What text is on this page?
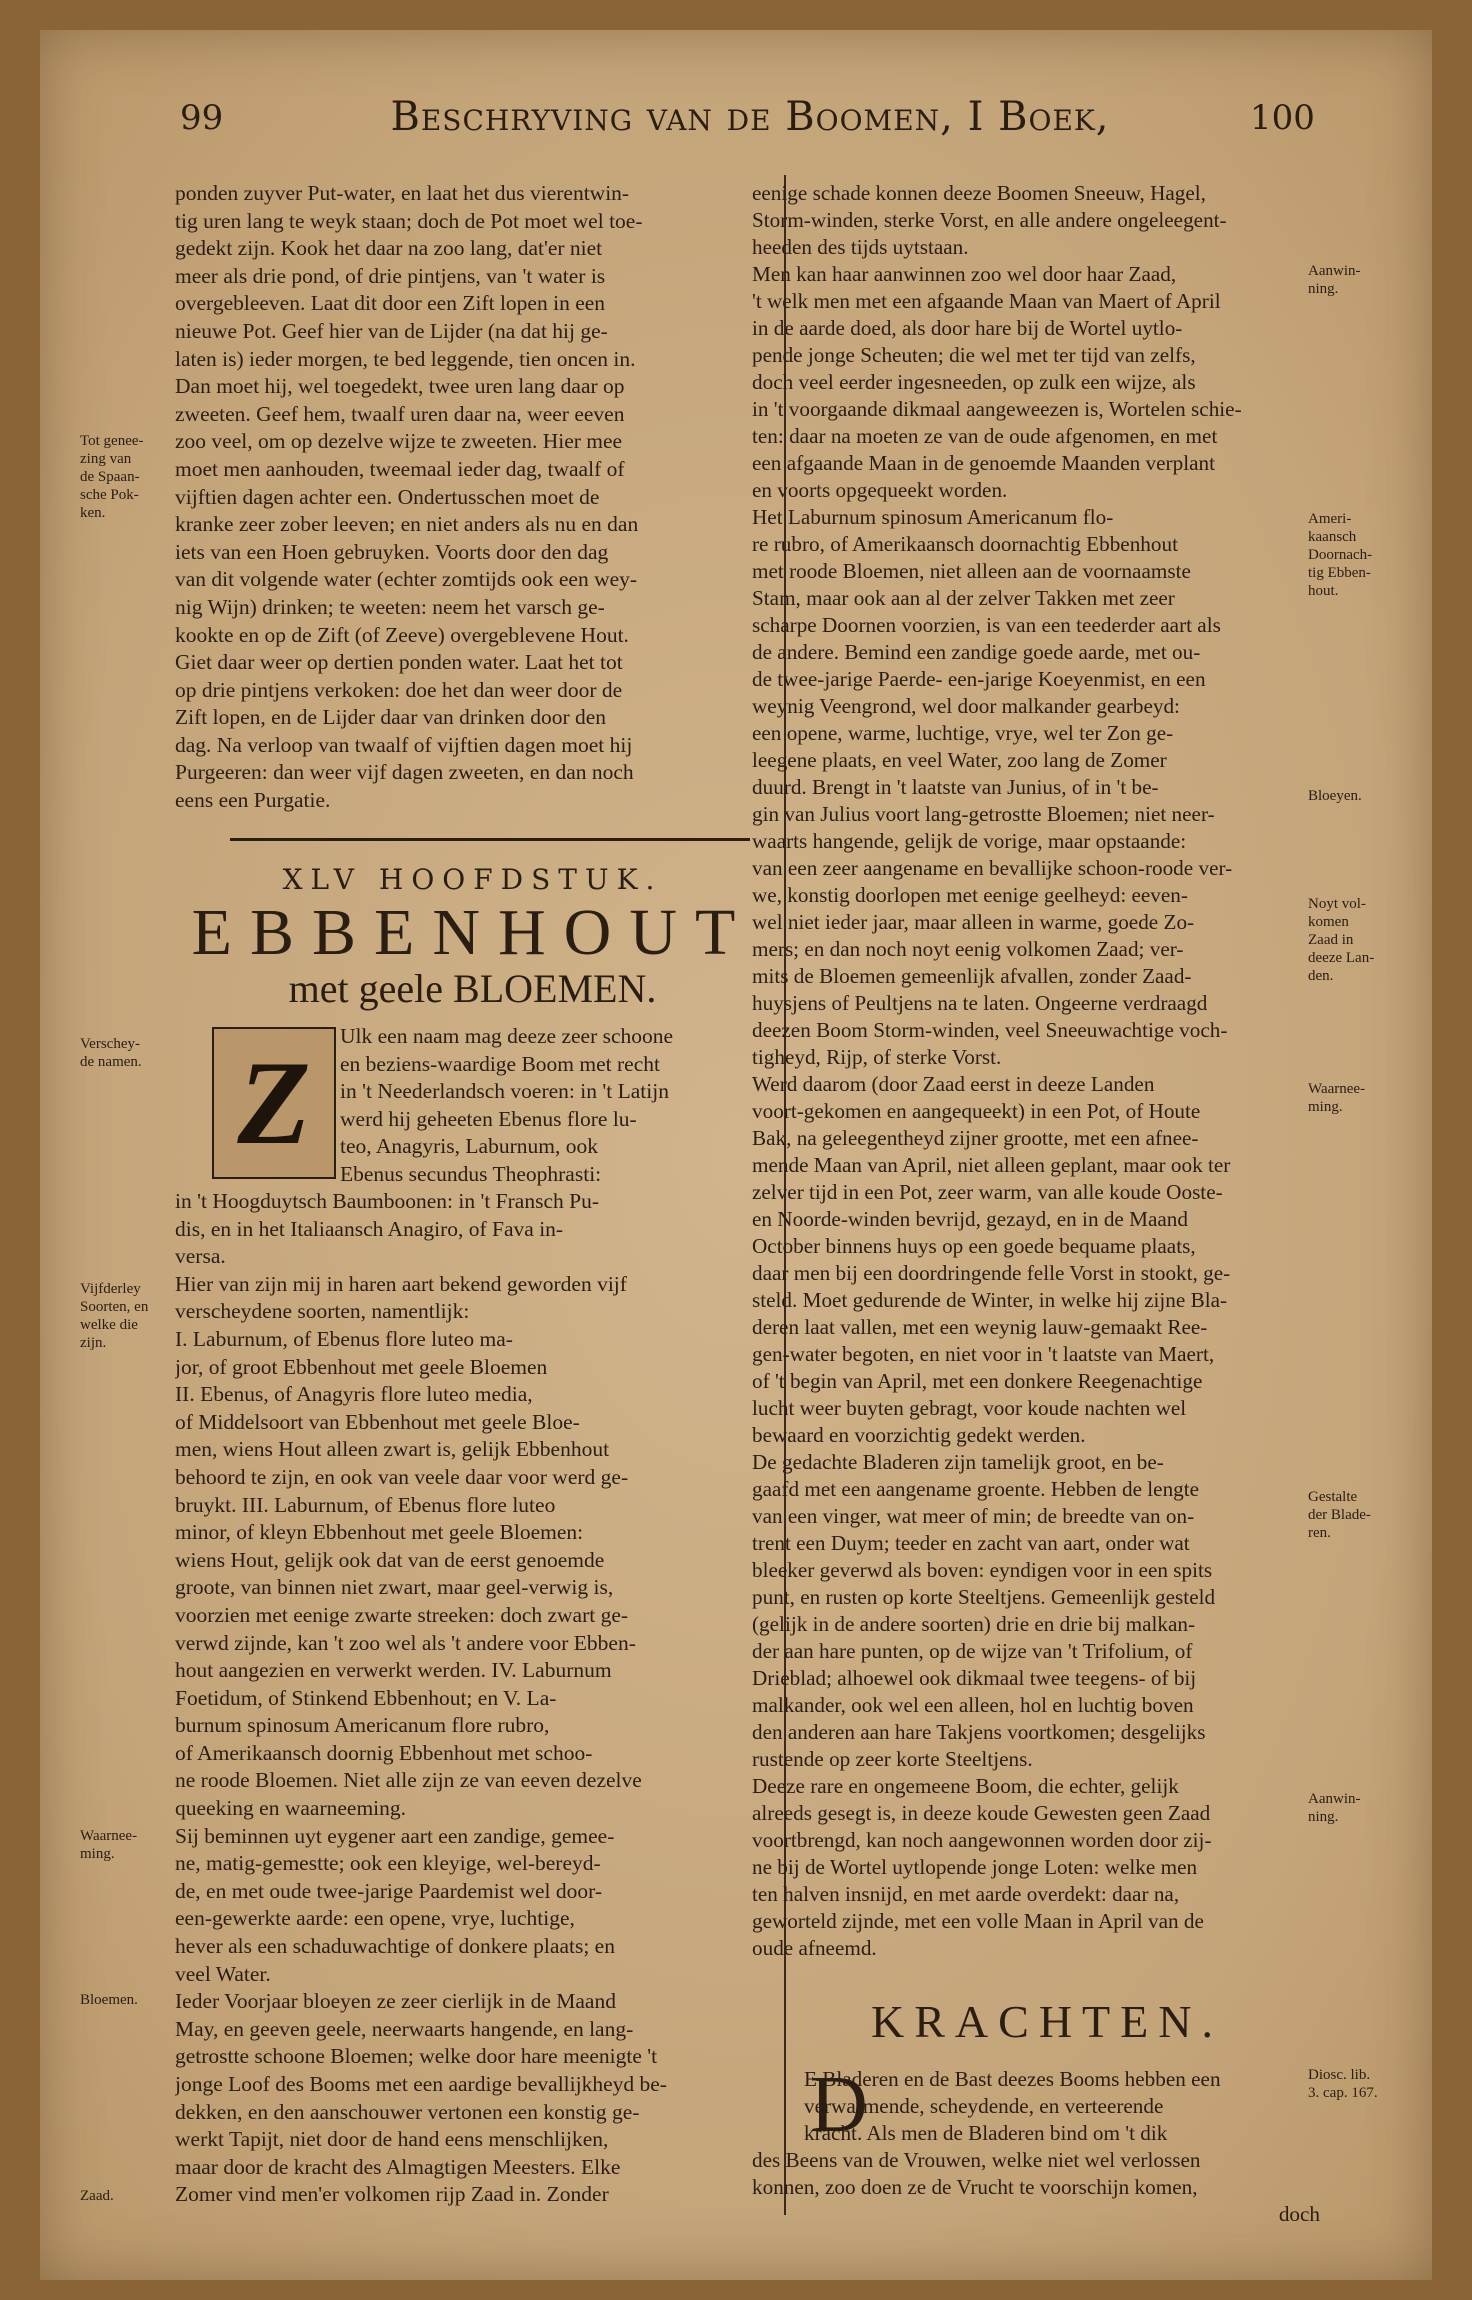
99	Beschryving van de Boomen, I Boek,	100
ponden zuyver Put-water, en laat het dus vierentwin-
tig uren lang te weyk staan; doch de Pot moet wel toe-
gedekt zijn. Kook het daar na zoo lang, dat'er niet
meer als drie pond, of drie pintjens, van 't water is
overgebleeven. Laat dit door een Zift lopen in een
nieuwe Pot. Geef hier van de Lijder (na dat hij ge-
laten is) ieder morgen, te bed leggende, tien oncen in.
Dan moet hij, wel toegedekt, twee uren lang daar op
zweeten. Geef hem, twaalf uren daar na, weer eeven
zoo veel, om op dezelve wijze te zweeten. Hier mee
moet men aanhouden, tweemaal ieder dag, twaalf of
vijftien dagen achter een. Ondertusschen moet de
kranke zeer zober leeven; en niet anders als nu en dan
iets van een Hoen gebruyken. Voorts door den dag
van dit volgende water (echter zomtijds ook een wey-
nig Wijn) drinken; te weeten: neem het varsch ge-
kookte en op de Zift (of Zeeve) overgeblevene Hout.
Giet daar weer op dertien ponden water. Laat het tot
op drie pintjens verkoken: doe het dan weer door de
Zift lopen, en de Lijder daar van drinken door den
dag. Na verloop van twaalf of vijftien dagen moet hij
Purgeeren: dan weer vijf dagen zweeten, en dan noch
eens een Purgatie.
XLV HOOFDSTUK.
EBBENHOUT
met geele BLOEMEN.
Z Ulk een naam mag deeze zeer schoone
en beziens-waardige Boom met recht
in 't Neederlandsch voeren: in 't Latijn
werd hij geheeten Ebenus flore lu-
teo, Anagyris, Laburnum, ook
Ebenus secundus Theophrasti:
in 't Hoogduytsch Baumboonen: in 't Fransch Pu-
dis, en in het Italiaansch Anagiro, of Fava in-
versa.
Hier van zijn mij in haren aart bekend geworden vijf
verscheydene soorten, namentlijk:
I. Laburnum, of Ebenus flore luteo ma-
jor, of groot Ebbenhout met geele Bloemen
II. Ebenus, of Anagyris flore luteo media,
of Middelsoort van Ebbenhout met geele Bloe-
men, wiens Hout alleen zwart is, gelijk Ebbenhout
behoord te zijn, en ook van veele daar voor werd ge-
bruykt. III. Laburnum, of Ebenus flore luteo
minor, of kleyn Ebbenhout met geele Bloemen:
wiens Hout, gelijk ook dat van de eerst genoemde
groote, van binnen niet zwart, maar geel-verwig is,
voorzien met eenige zwarte streeken: doch zwart ge-
verwd zijnde, kan 't zoo wel als 't andere voor Ebben-
hout aangezien en verwerkt werden. IV. Laburnum
Foetidum, of Stinkend Ebbenhout; en V. La-
burnum spinosum Americanum flore rubro,
of Amerikaansch doornig Ebbenhout met schoo-
ne roode Bloemen. Niet alle zijn ze van eeven dezelve
queeking en waarneeming.
Sij beminnen uyt eygener aart een zandige, gemee-
ne, matig-gemestte; ook een kleyige, wel-bereyd-
de, en met oude twee-jarige Paardemist wel door-
een-gewerkte aarde: een opene, vrye, luchtige,
hever als een schaduwachtige of donkere plaats; en
veel Water.
Ieder Voorjaar bloeyen ze zeer cierlijk in de Maand
May, en geeven geele, neerwaarts hangende, en lang-
getrostte schoone Bloemen; welke door hare meenigte 't
jonge Loof des Booms met een aardige bevallijkheyd be-
dekken, en den aanschouwer vertonen een konstig ge-
werkt Tapijt, niet door de hand eens menschlijken,
maar door de kracht des Almagtigen Meesters. Elke
Zomer vind men'er volkomen rijp Zaad in. Zonder
Tot genee-
zing van
de Spaan-
sche Pok-
ken.
Verschey-
de namen.
Vijfderley
Soorten, en
welke die
zijn.
Waarnee-
ming.
Bloemen.
Zaad.
eenige schade konnen deeze Boomen Sneeuw, Hagel,
Storm-winden, sterke Vorst, en alle andere ongeleegent-
heeden des tijds uytstaan.
Men kan haar aanwinnen zoo wel door haar Zaad,
't welk men met een afgaande Maan van Maert of April
in de aarde doed, als door hare bij de Wortel uytlo-
pende jonge Scheuten; die wel met ter tijd van zelfs,
doch veel eerder ingesneeden, op zulk een wijze, als
in 't voorgaande dikmaal aangeweezen is, Wortelen schie-
ten: daar na moeten ze van de oude afgenomen, en met
een afgaande Maan in de genoemde Maanden verplant
en voorts opgequeekt worden.
Het Laburnum spinosum Americanum flo-
re rubro, of Amerikaansch doornachtig Ebbenhout
met roode Bloemen, niet alleen aan de voornaamste
Stam, maar ook aan al der zelver Takken met zeer
scharpe Doornen voorzien, is van een teederder aart als
de andere. Bemind een zandige goede aarde, met ou-
de twee-jarige Paerde- een-jarige Koeyenmist, en een
weynig Veengrond, wel door malkander gearbeyd:
een opene, warme, luchtige, vrye, wel ter Zon ge-
leegene plaats, en veel Water, zoo lang de Zomer
duurd. Brengt in 't laatste van Junius, of in 't be-
gin van Julius voort lang-getrostte Bloemen; niet neer-
waarts hangende, gelijk de vorige, maar opstaande:
van een zeer aangename en bevallijke schoon-roode ver-
we, konstig doorlopen met eenige geelheyd: eeven-
wel niet ieder jaar, maar alleen in warme, goede Zo-
mers; en dan noch noyt eenig volkomen Zaad; ver-
mits de Bloemen gemeenlijk afvallen, zonder Zaad-
huysjens of Peultjens na te laten. Ongeerne verdraagd
deezen Boom Storm-winden, veel Sneeuwachtige voch-
tigheyd, Rijp, of sterke Vorst.
Werd daarom (door Zaad eerst in deeze Landen
voort-gekomen en aangequeekt) in een Pot, of Houte
Bak, na geleegentheyd zijner grootte, met een afnee-
mende Maan van April, niet alleen geplant, maar ook ter
zelver tijd in een Pot, zeer warm, van alle koude Ooste-
en Noorde-winden bevrijd, gezayd, en in de Maand
October binnens huys op een goede bequame plaats,
daar men bij een doordringende felle Vorst in stookt, ge-
steld. Moet gedurende de Winter, in welke hij zijne Bla-
deren laat vallen, met een weynig lauw-gemaakt Ree-
gen-water begoten, en niet voor in 't laatste van Maert,
of 't begin van April, met een donkere Reegenachtige
lucht weer buyten gebragt, voor koude nachten wel
bewaard en voorzichtig gedekt werden.
De gedachte Bladeren zijn tamelijk groot, en be-
gaafd met een aangename groente. Hebben de lengte
van een vinger, wat meer of min; de breedte van on-
trent een Duym; teeder en zacht van aart, onder wat
bleeker geverwd als boven: eyndigen voor in een spits
punt, en rusten op korte Steeltjens. Gemeenlijk gesteld
(gelijk in de andere soorten) drie en drie bij malkan-
der aan hare punten, op de wijze van 't Trifolium, of
Drieblad; alhoewel ook dikmaal twee teegens- of bij
malkander, ook wel een alleen, hol en luchtig boven
den anderen aan hare Takjens voortkomen; desgelijks
rustende op zeer korte Steeltjens.
Deeze rare en ongemeene Boom, die echter, gelijk
alreeds gesegt is, in deeze koude Gewesten geen Zaad
voortbrengd, kan noch aangewonnen worden door zij-
ne bij de Wortel uytlopende jonge Loten: welke men
ten halven insnijd, en met aarde overdekt: daar na,
geworteld zijnde, met een volle Maan in April van de
oude afneemd.
KRACHTEN.
D
E Bladeren en de Bast deezes Booms hebben een
verwarmende, scheydende, en verteerende
kracht. Als men de Bladeren bind om 't dik
des Beens van de Vrouwen, welke niet wel verlossen
konnen, zoo doen ze de Vrucht te voorschijn komen,
doch
Aanwin-
ning.
Ameri-
kaansch
Doornach-
tig Ebben-
hout.
Bloeyen.
Noyt vol-
komen
Zaad in
deeze Lan-
den.
Waarnee-
ming.
Gestalte
der Blade-
ren.
Aanwin-
ning.
Diosc. lib.
3. cap. 167.
